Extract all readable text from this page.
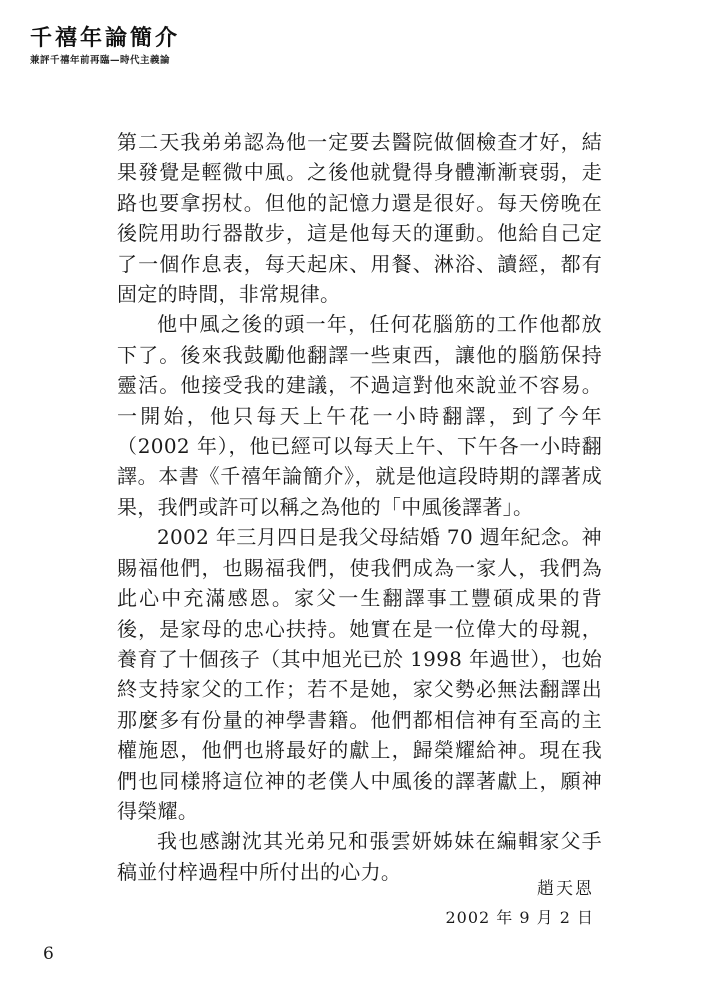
千禧年論簡介
兼評千禧年前再臨—時代主義論

第二天我弟弟認為他一定要去醫院做個檢查才好，結果發覺是輕微中風。之後他就覺得身體漸漸衰弱，走路也要拿拐杖。但他的記憶力還是很好。每天傍晚在後院用助行器散步，這是他每天的運動。他給自己定了一個作息表，每天起床、用餐、淋浴、讀經，都有固定的時間，非常規律。

他中風之後的頭一年，任何花腦筋的工作他都放下了。後來我鼓勵他翻譯一些東西，讓他的腦筋保持靈活。他接受我的建議，不過這對他來說並不容易。一開始，他只每天上午花一小時翻譯，到了今年（2002 年），他已經可以每天上午、下午各一小時翻譯。本書《千禧年論簡介》，就是他這段時期的譯著成果，我們或許可以稱之為他的「中風後譯著」。

2002 年三月四日是我父母結婚 70 週年紀念。神賜福他們，也賜福我們，使我們成為一家人，我們為此心中充滿感恩。家父一生翻譯事工豐碩成果的背後，是家母的忠心扶持。她實在是一位偉大的母親，養育了十個孩子（其中旭光已於 1998 年過世），也始終支持家父的工作；若不是她，家父勢必無法翻譯出那麼多有份量的神學書籍。他們都相信神有至高的主權施恩，他們也將最好的獻上，歸榮耀給神。現在我們也同樣將這位神的老僕人中風後的譯著獻上，願神得榮耀。

我也感謝沈其光弟兄和張雲妍姊妹在編輯家父手稿並付梓過程中所付出的心力。

趙天恩
2002 年 9 月 2 日
6
